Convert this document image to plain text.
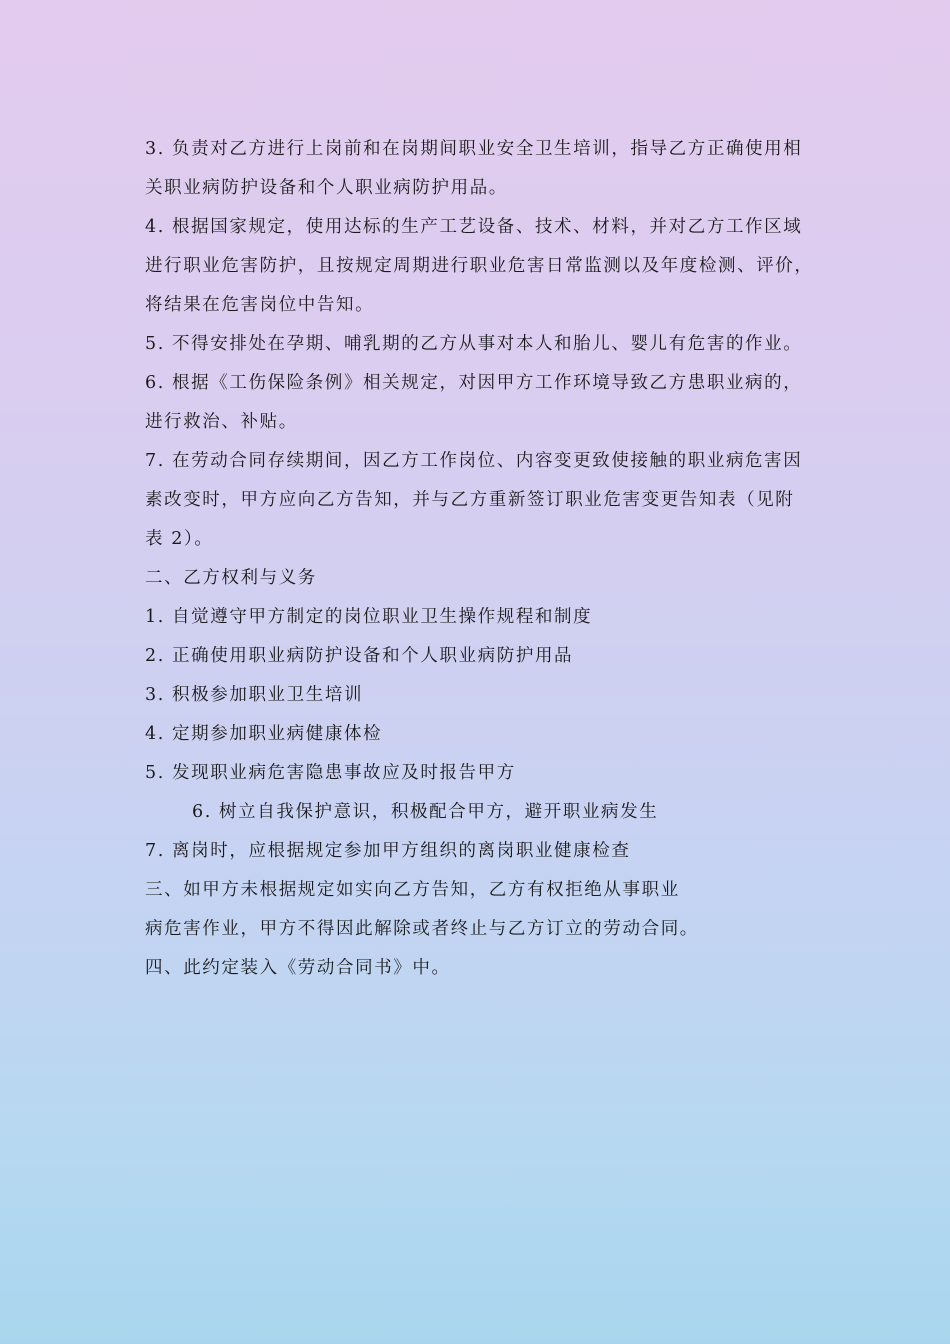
3. 负责对乙方进行上岗前和在岗期间职业安全卫生培训，指导乙方正确使用相
关职业病防护设备和个人职业病防护用品。
4. 根据国家规定，使用达标的生产工艺设备、技术、材料，并对乙方工作区域
进行职业危害防护，且按规定周期进行职业危害日常监测以及年度检测、评价，
将结果在危害岗位中告知。
5. 不得安排处在孕期、哺乳期的乙方从事对本人和胎儿、婴儿有危害的作业。
6. 根据《工伤保险条例》相关规定，对因甲方工作环境导致乙方患职业病的，
进行救治、补贴。
7. 在劳动合同存续期间，因乙方工作岗位、内容变更致使接触的职业病危害因
素改变时，甲方应向乙方告知，并与乙方重新签订职业危害变更告知表（见附
表 2）。
二、乙方权利与义务
1. 自觉遵守甲方制定的岗位职业卫生操作规程和制度
2. 正确使用职业病防护设备和个人职业病防护用品
3. 积极参加职业卫生培训
4. 定期参加职业病健康体检
5. 发现职业病危害隐患事故应及时报告甲方
6. 树立自我保护意识，积极配合甲方，避开职业病发生
7. 离岗时，应根据规定参加甲方组织的离岗职业健康检查
三、如甲方未根据规定如实向乙方告知，乙方有权拒绝从事职业
病危害作业，甲方不得因此解除或者终止与乙方订立的劳动合同。
四、此约定装入《劳动合同书》中。
